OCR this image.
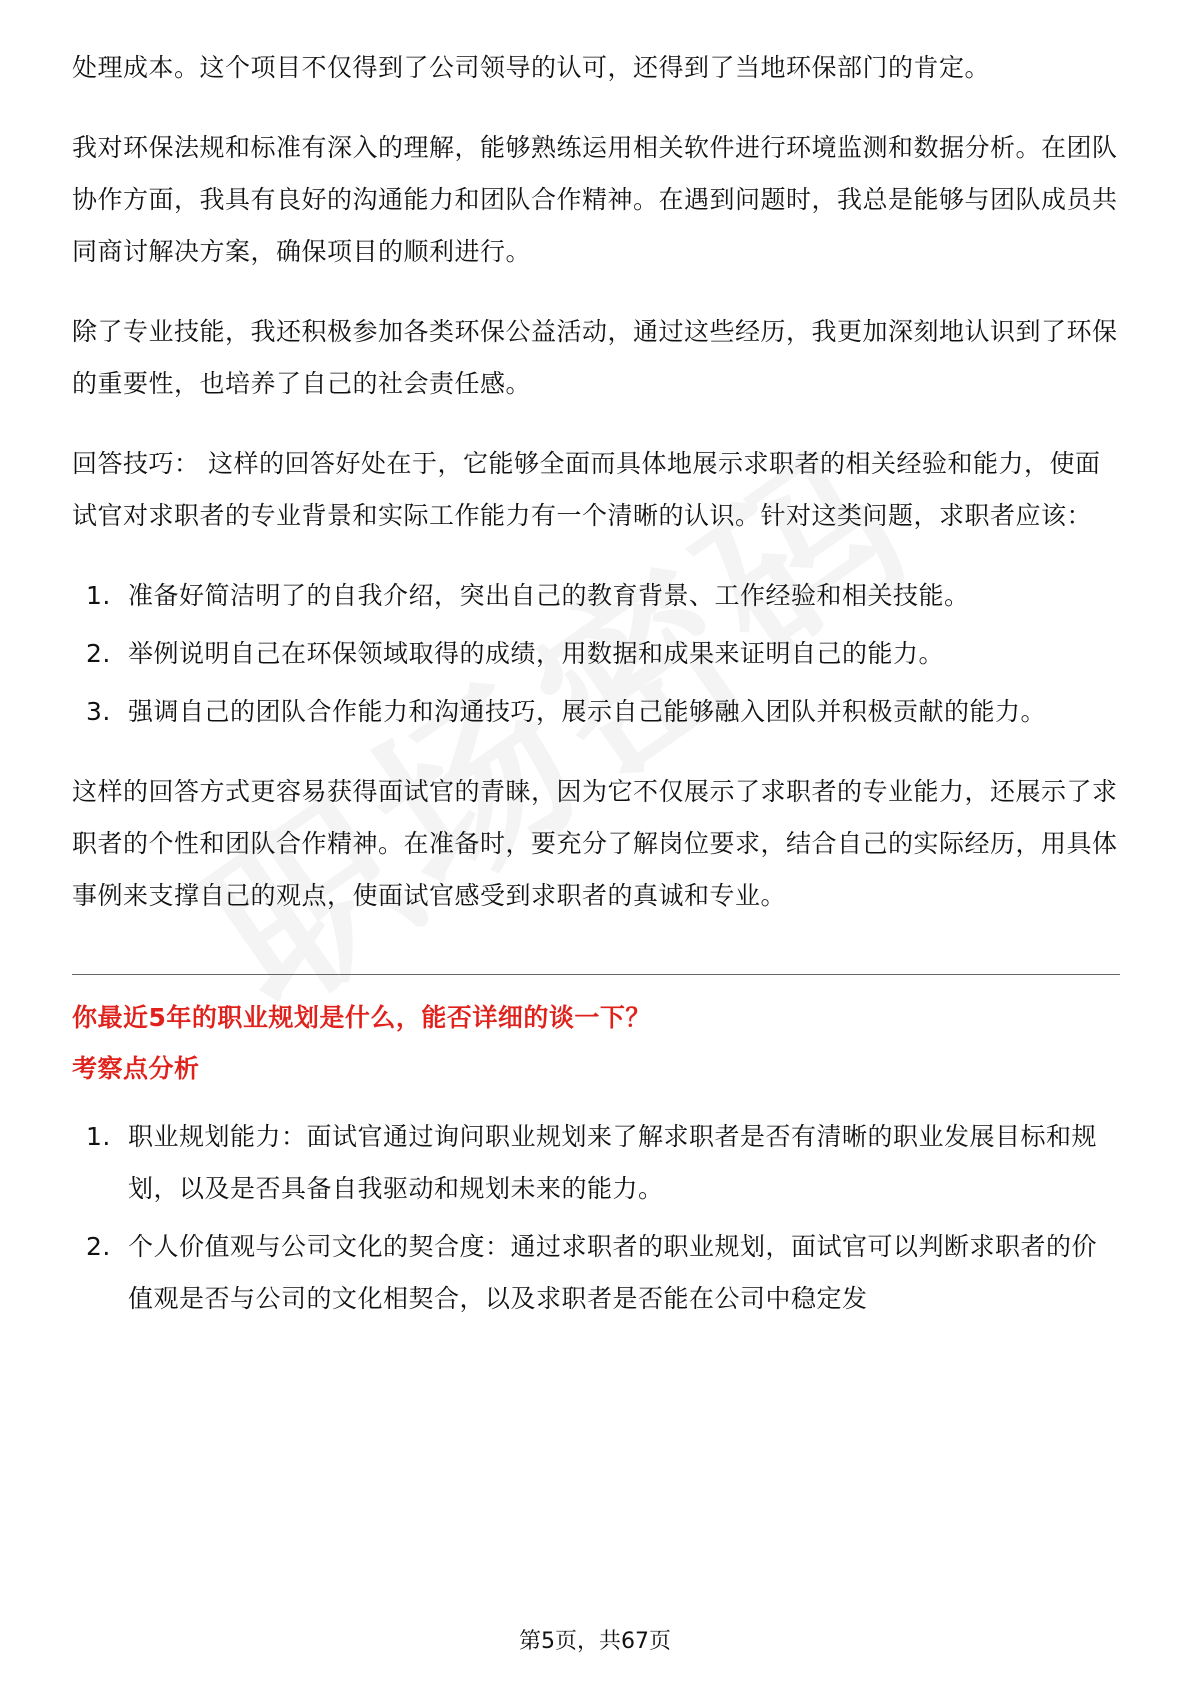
处理成本。这个项目不仅得到了公司领导的认可，还得到了当地环保部门的肯定。

我对环保法规和标准有深入的理解，能够熟练运用相关软件进行环境监测和数据分析。在团队协作方面，我具有良好的沟通能力和团队合作精神。在遇到问题时，我总是能够与团队成员共同商讨解决方案，确保项目的顺利进行。

除了专业技能，我还积极参加各类环保公益活动，通过这些经历，我更加深刻地认识到了环保的重要性，也培养了自己的社会责任感。

回答技巧： 这样的回答好处在于，它能够全面而具体地展示求职者的相关经验和能力，使面试官对求职者的专业背景和实际工作能力有一个清晰的认识。针对这类问题，求职者应该：

1. 准备好简洁明了的自我介绍，突出自己的教育背景、工作经验和相关技能。
2. 举例说明自己在环保领域取得的成绩，用数据和成果来证明自己的能力。
3. 强调自己的团队合作能力和沟通技巧，展示自己能够融入团队并积极贡献的能力。

这样的回答方式更容易获得面试官的青睐，因为它不仅展示了求职者的专业能力，还展示了求职者的个性和团队合作精神。在准备时，要充分了解岗位要求，结合自己的实际经历，用具体事例来支撑自己的观点，使面试官感受到求职者的真诚和专业。

你最近5年的职业规划是什么，能否详细的谈一下？

考察点分析

1. 职业规划能力：面试官通过询问职业规划来了解求职者是否有清晰的职业发展目标和规划，以及是否具备自我驱动和规划未来的能力。
2. 个人价值观与公司文化的契合度：通过求职者的职业规划，面试官可以判断求职者的价值观是否与公司的文化相契合，以及求职者是否能在公司中稳定发
第5页，共67页
